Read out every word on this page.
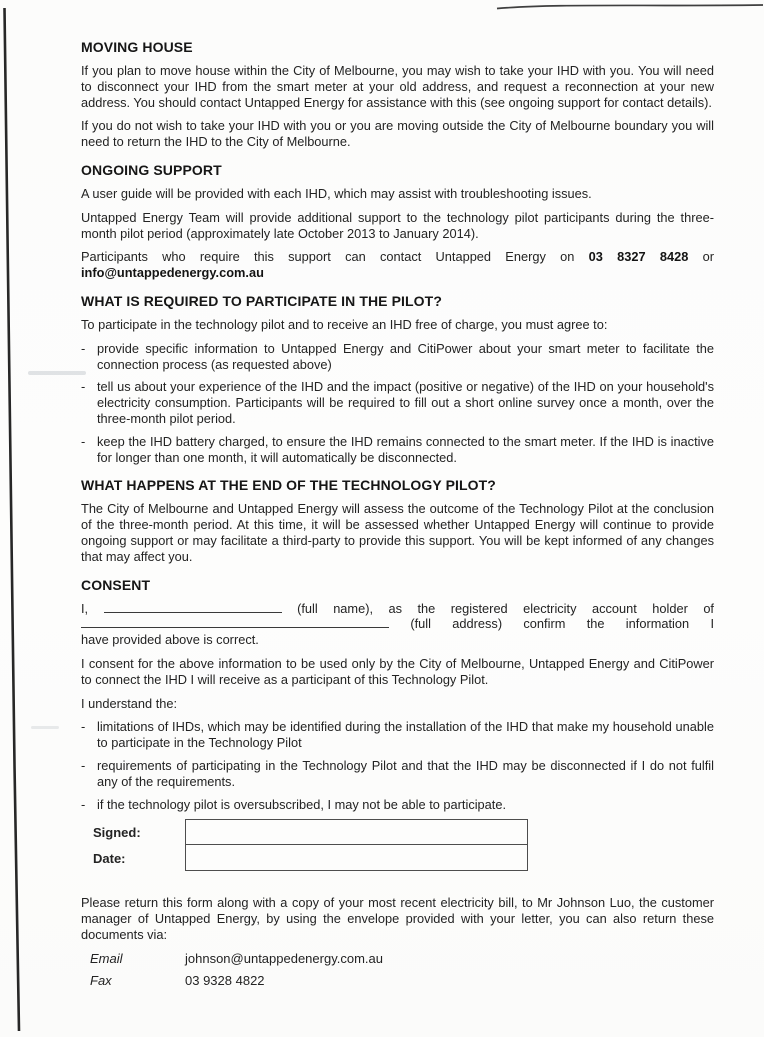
MOVING HOUSE

If you plan to move house within the City of Melbourne, you may wish to take your IHD with you. You will need to disconnect your IHD from the smart meter at your old address, and request a reconnection at your new address. You should contact Untapped Energy for assistance with this (see ongoing support for contact details).

If you do not wish to take your IHD with you or you are moving outside the City of Melbourne boundary you will need to return the IHD to the City of Melbourne.

ONGOING SUPPORT

A user guide will be provided with each IHD, which may assist with troubleshooting issues.

Untapped Energy Team will provide additional support to the technology pilot participants during the three-month pilot period (approximately late October 2013 to January 2014).

Participants who require this support can contact Untapped Energy on 03 8327 8428 or info@untappedenergy.com.au

WHAT IS REQUIRED TO PARTICIPATE IN THE PILOT?

To participate in the technology pilot and to receive an IHD free of charge, you must agree to:

- provide specific information to Untapped Energy and CitiPower about your smart meter to facilitate the connection process (as requested above)
- tell us about your experience of the IHD and the impact (positive or negative) of the IHD on your household's electricity consumption. Participants will be required to fill out a short online survey once a month, over the three-month pilot period.
- keep the IHD battery charged, to ensure the IHD remains connected to the smart meter. If the IHD is inactive for longer than one month, it will automatically be disconnected.
WHAT HAPPENS AT THE END OF THE TECHNOLOGY PILOT?

The City of Melbourne and Untapped Energy will assess the outcome of the Technology Pilot at the conclusion of the three-month period. At this time, it will be assessed whether Untapped Energy will continue to provide ongoing support or may facilitate a third-party to provide this support. You will be kept informed of any changes that may affect you.

CONSENT

I,	(full name), as the registered electricity account holder of

(full address) confirm the information I

have provided above is correct.

I consent for the above information to be used only by the City of Melbourne, Untapped Energy and CitiPower to connect the IHD I will receive as a participant of this Technology Pilot.

I understand the:

- limitations of IHDs, which may be identified during the installation of the IHD that make my household unable to participate in the Technology Pilot
- requirements of participating in the Technology Pilot and that the IHD may be disconnected if I do not fulfil any of the requirements.
- if the technology pilot is oversubscribed, I may not be able to participate.
Signed:
Date:

Please return this form along with a copy of your most recent electricity bill, to Mr Johnson Luo, the customer manager of Untapped Energy, by using the envelope provided with your letter, you can also return these documents via:

Email	johnson@untappedenergy.com.au
Fax	03 9328 4822
